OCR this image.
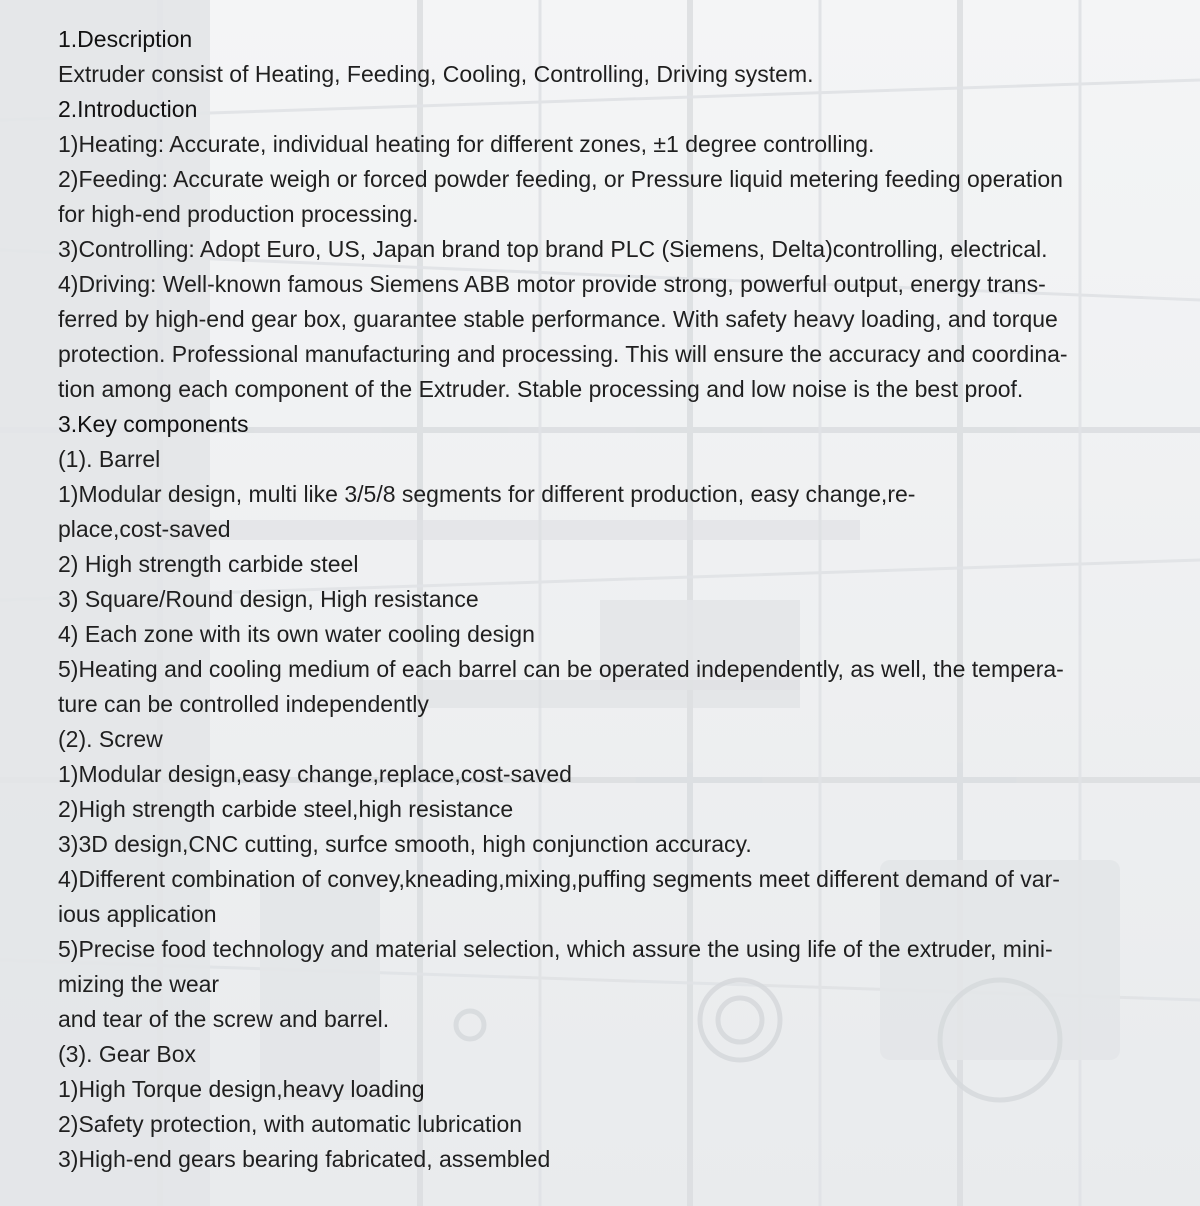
1.Description
Extruder consist of Heating, Feeding, Cooling, Controlling, Driving system.
2.Introduction
1)Heating: Accurate, individual heating for different zones, ±1 degree controlling.
2)Feeding: Accurate weigh or forced powder feeding, or Pressure liquid metering feeding operation
for high-end production processing.
3)Controlling: Adopt Euro, US, Japan brand top brand PLC (Siemens, Delta)controlling, electrical.
4)Driving: Well-known famous Siemens ABB motor provide strong, powerful output, energy trans-
ferred by high-end gear box, guarantee stable performance. With safety heavy loading, and torque
protection. Professional manufacturing and processing. This will ensure the accuracy and coordina-
tion among each component of the Extruder. Stable processing and low noise is the best proof.
3.Key components
(1). Barrel
1)Modular design, multi like 3/5/8 segments for different production, easy change,re-
place,cost-saved
2) High strength carbide steel
3) Square/Round design, High resistance
4) Each zone with its own water cooling design
5)Heating and cooling medium of each barrel can be operated independently, as well, the tempera-
ture can be controlled independently
(2). Screw
1)Modular design,easy change,replace,cost-saved
2)High strength carbide steel,high resistance
3)3D design,CNC cutting, surfce smooth, high conjunction accuracy.
4)Different combination of convey,kneading,mixing,puffing segments meet different demand of var-
ious application
5)Precise food technology and material selection, which assure the using life of the extruder, mini-
mizing the wear
and tear of the screw and barrel.
(3). Gear Box
1)High Torque design,heavy loading
2)Safety protection, with automatic lubrication
3)High-end gears bearing fabricated, assembled
